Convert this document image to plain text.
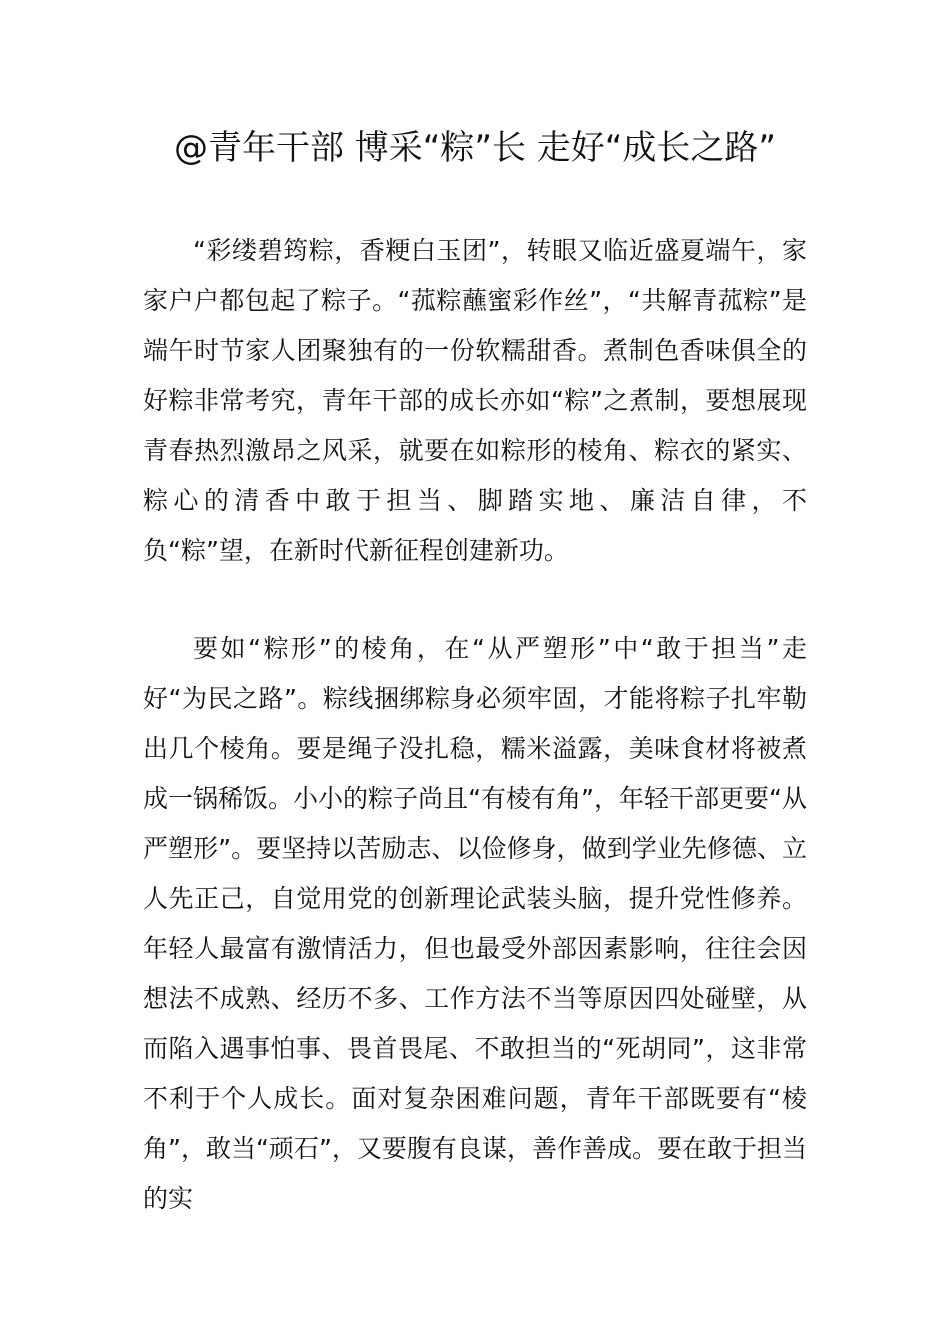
@青年干部 博采“粽”长 走好“成长之路”

“彩缕碧筠粽，香粳白玉团”，转眼又临近盛夏端午，家家户户都包起了粽子。“菰粽蘸蜜彩作丝”，“共解青菰粽”是端午时节家人团聚独有的一份软糯甜香。煮制色香味俱全的好粽非常考究，青年干部的成长亦如“粽”之煮制，要想展现青春热烈激昂之风采，就要在如粽形的棱角、粽衣的紧实、粽心的清香中敢于担当、脚踏实地、廉洁自律，不负“粽”望，在新时代新征程创建新功。

要如“粽形”的棱角，在“从严塑形”中“敢于担当”走好“为民之路”。粽线捆绑粽身必须牢固，才能将粽子扎牢勒出几个棱角。要是绳子没扎稳，糯米溢露，美味食材将被煮成一锅稀饭。小小的粽子尚且“有棱有角”，年轻干部更要“从严塑形”。要坚持以苦励志、以俭修身，做到学业先修德、立人先正己，自觉用党的创新理论武装头脑，提升党性修养。年轻人最富有激情活力，但也最受外部因素影响，往往会因想法不成熟、经历不多、工作方法不当等原因四处碰壁，从而陷入遇事怕事、畏首畏尾、不敢担当的“死胡同”，这非常不利于个人成长。面对复杂困难问题，青年干部既要有“棱角”，敢当“顽石”，又要腹有良谋，善作善成。要在敢于担当的实
